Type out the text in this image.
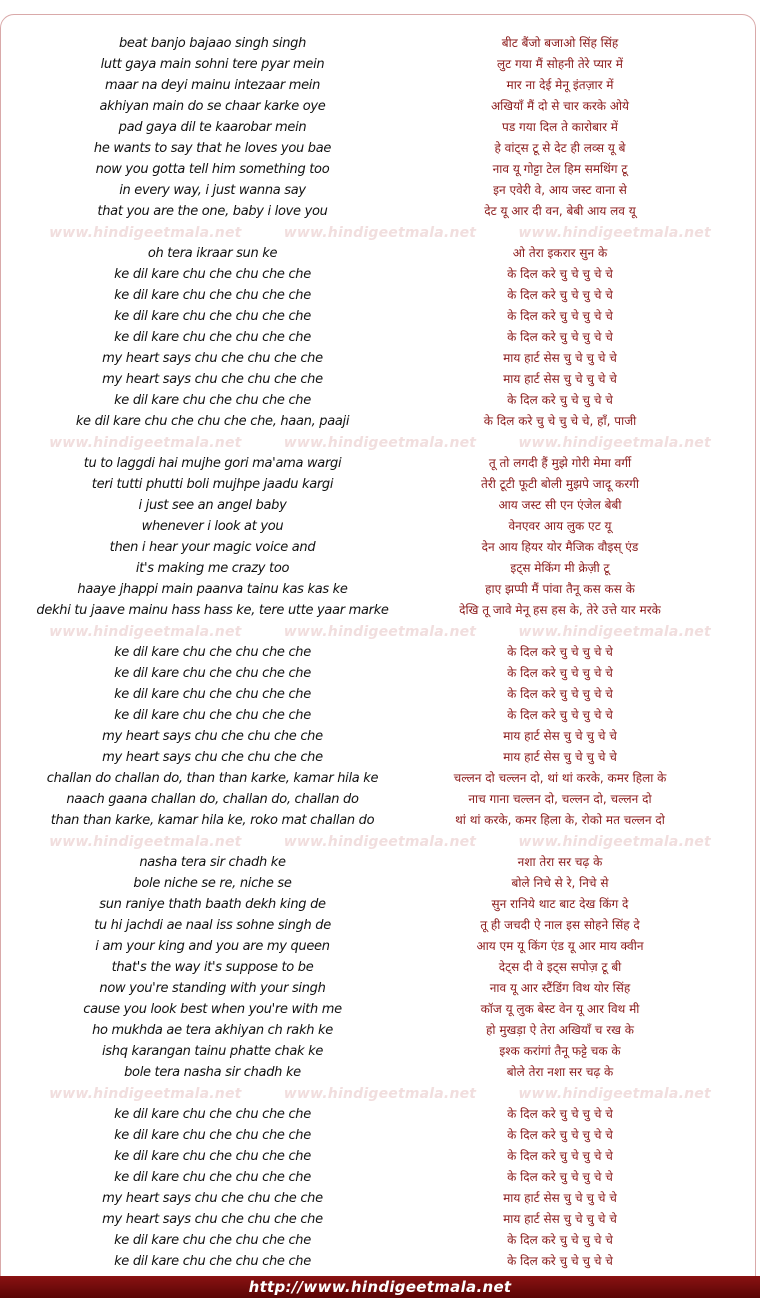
beat banjo bajaao singh singh	बीट बैंजो बजाओ सिंह सिंह
lutt gaya main sohni tere pyar mein	लुट गया मैं सोहनी तेरे प्यार में
maar na deyi mainu intezaar mein	मार ना देई मेनू इंतज़ार में
akhiyan main do se chaar karke oye	अखियाँ मैं दो से चार करके ओये
pad gaya dil te kaarobar mein	पड गया दिल ते कारोबार में
he wants to say that he loves you bae	हे वांट्स टू से देट ही लव्स यू बे
now you gotta tell him something too	नाव यू गोट्टा टेल हिम समथिंग टू
in every way, i just wanna say	इन एवेरी वे, आय जस्ट वाना से
that you are the one, baby i love you	देट यू आर दी वन, बेबी आय लव यू
www.hindigeetmala.net	www.hindigeetmala.net	www.hindigeetmala.net
oh tera ikraar sun ke	ओ तेरा इकरार सुन के
ke dil kare chu che chu che che	के दिल करे चु चे चु चे चे
ke dil kare chu che chu che che	के दिल करे चु चे चु चे चे
ke dil kare chu che chu che che	के दिल करे चु चे चु चे चे
ke dil kare chu che chu che che	के दिल करे चु चे चु चे चे
my heart says chu che chu che che	माय हार्ट सेस चु चे चु चे चे
my heart says chu che chu che che	माय हार्ट सेस चु चे चु चे चे
ke dil kare chu che chu che che	के दिल करे चु चे चु चे चे
ke dil kare chu che chu che che, haan, paaji	के दिल करे चु चे चु चे चे, हाँ, पाजी
www.hindigeetmala.net	www.hindigeetmala.net	www.hindigeetmala.net
tu to laggdi hai mujhe gori ma'ama wargi	तू तो लगदी हैं मुझे गोरी मेमा वर्गी
teri tutti phutti boli mujhpe jaadu kargi	तेरी टूटी फूटी बोली मुझपे जादू करगी
i just see an angel baby	आय जस्ट सी एन एंजेल बेबी
whenever i look at you	वेनएवर आय लुक एट यू
then i hear your magic voice and	देन आय हियर योर मैजिक वौइस् एंड
it's making me crazy too	इट्स मेकिंग मी क्रेज़ी टू
haaye jhappi main paanva tainu kas kas ke	हाए झप्पी मैं पांवा तैनू कस कस के
dekhi tu jaave mainu hass hass ke, tere utte yaar marke	देखि तू जावे मेनू हस हस के, तेरे उत्ते यार मरके
www.hindigeetmala.net	www.hindigeetmala.net	www.hindigeetmala.net
ke dil kare chu che chu che che	के दिल करे चु चे चु चे चे
ke dil kare chu che chu che che	के दिल करे चु चे चु चे चे
ke dil kare chu che chu che che	के दिल करे चु चे चु चे चे
ke dil kare chu che chu che che	के दिल करे चु चे चु चे चे
my heart says chu che chu che che	माय हार्ट सेस चु चे चु चे चे
my heart says chu che chu che che	माय हार्ट सेस चु चे चु चे चे
challan do challan do, than than karke, kamar hila ke	चल्लन दो चल्लन दो, थां थां करके, कमर हिला के
naach gaana challan do, challan do, challan do	नाच गाना चल्लन दो, चल्लन दो, चल्लन दो
than than karke, kamar hila ke, roko mat challan do	थां थां करके, कमर हिला के, रोको मत चल्लन दो
www.hindigeetmala.net	www.hindigeetmala.net	www.hindigeetmala.net
nasha tera sir chadh ke	नशा तेरा सर चढ़ के
bole niche se re, niche se	बोले निचे से रे, निचे से
sun raniye thath baath dekh king de	सुन रानिये थाट बाट देख किंग दे
tu hi jachdi ae naal iss sohne singh de	तू ही जचदी ऐ नाल इस सोहने सिंह दे
i am your king and you are my queen	आय एम यू किंग एंड यू आर माय क्वीन
that's the way it's suppose to be	देट्स दी वे इट्स सपोज़ टू बी
now you're standing with your singh	नाव यू आर स्टैंडिंग विथ योर सिंह
cause you look best when you're with me	कॉज यू लुक बेस्ट वेन यू आर विथ मी
ho mukhda ae tera akhiyan ch rakh ke	हो मुखड़ा ऐ तेरा अखियाँ च रख के
ishq karangan tainu phatte chak ke	इश्क करांगां तैनू फट्टे चक के
bole tera nasha sir chadh ke	बोले तेरा नशा सर चढ़ के
www.hindigeetmala.net	www.hindigeetmala.net	www.hindigeetmala.net
ke dil kare chu che chu che che	के दिल करे चु चे चु चे चे
ke dil kare chu che chu che che	के दिल करे चु चे चु चे चे
ke dil kare chu che chu che che	के दिल करे चु चे चु चे चे
ke dil kare chu che chu che che	के दिल करे चु चे चु चे चे
my heart says chu che chu che che	माय हार्ट सेस चु चे चु चे चे
my heart says chu che chu che che	माय हार्ट सेस चु चे चु चे चे
ke dil kare chu che chu che che	के दिल करे चु चे चु चे चे
ke dil kare chu che chu che che	के दिल करे चु चे चु चे चे
http://www.hindigeetmala.net
